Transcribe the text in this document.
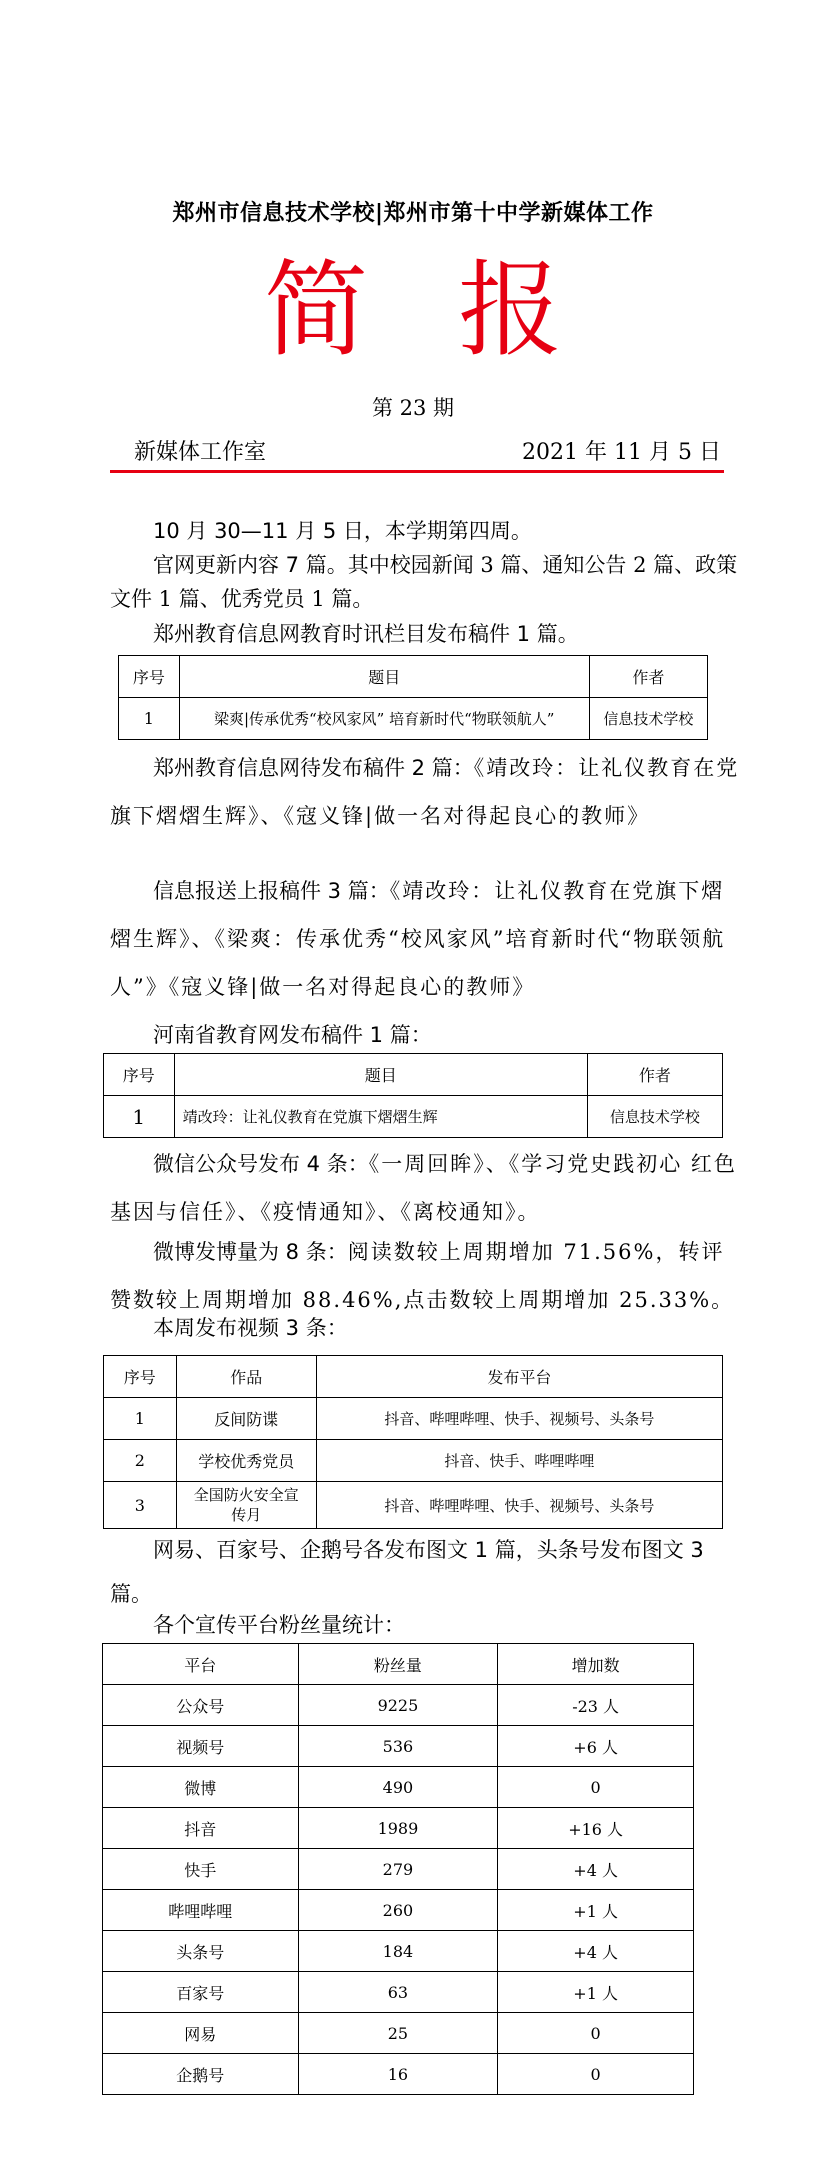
郑州市信息技术学校|郑州市第十中学新媒体工作
简 报
第 23 期
新媒体工作室	2021 年 11 月 5 日
10 月 30—11 月 5 日，本学期第四周。
官网更新内容 7 篇。其中校园新闻 3 篇、通知公告 2 篇、政策文件 1 篇、优秀党员 1 篇。
郑州教育信息网教育时讯栏目发布稿件 1 篇。
序号	题目	作者
1	梁爽|传承优秀“校风家风” 培育新时代“物联领航人”	信息技术学校
郑州教育信息网待发布稿件 2 篇：《靖改玲：让礼仪教育在党旗下熠熠生辉》、《寇义锋|做一名对得起良心的教师》
信息报送上报稿件 3 篇：《靖改玲：让礼仪教育在党旗下熠熠生辉》、《梁爽：传承优秀“校风家风”培育新时代“物联领航人”》《寇义锋|做一名对得起良心的教师》
河南省教育网发布稿件 1 篇：
序号	题目	作者
1	靖改玲：让礼仪教育在党旗下熠熠生辉	信息技术学校
微信公众号发布 4 条：《一周回眸》、《学习党史践初心 红色基因与信任》、《疫情通知》、《离校通知》。
微博发博量为 8 条：阅读数较上周期增加 71.56%，转评赞数较上周期增加 88.46%,点击数较上周期增加 25.33%。
本周发布视频 3 条：
序号	作品	发布平台
1	反间防谍	抖音、哔哩哔哩、快手、视频号、头条号
2	学校优秀党员	抖音、快手、哔哩哔哩
3	全国防火安全宣传月	抖音、哔哩哔哩、快手、视频号、头条号
网易、百家号、企鹅号各发布图文 1 篇，头条号发布图文 3 篇。
各个宣传平台粉丝量统计：
平台	粉丝量	增加数
公众号	9225	-23 人
视频号	536	+6 人
微博	490	0
抖音	1989	+16 人
快手	279	+4 人
哔哩哔哩	260	+1 人
头条号	184	+4 人
百家号	63	+1 人
网易	25	0
企鹅号	16	0
